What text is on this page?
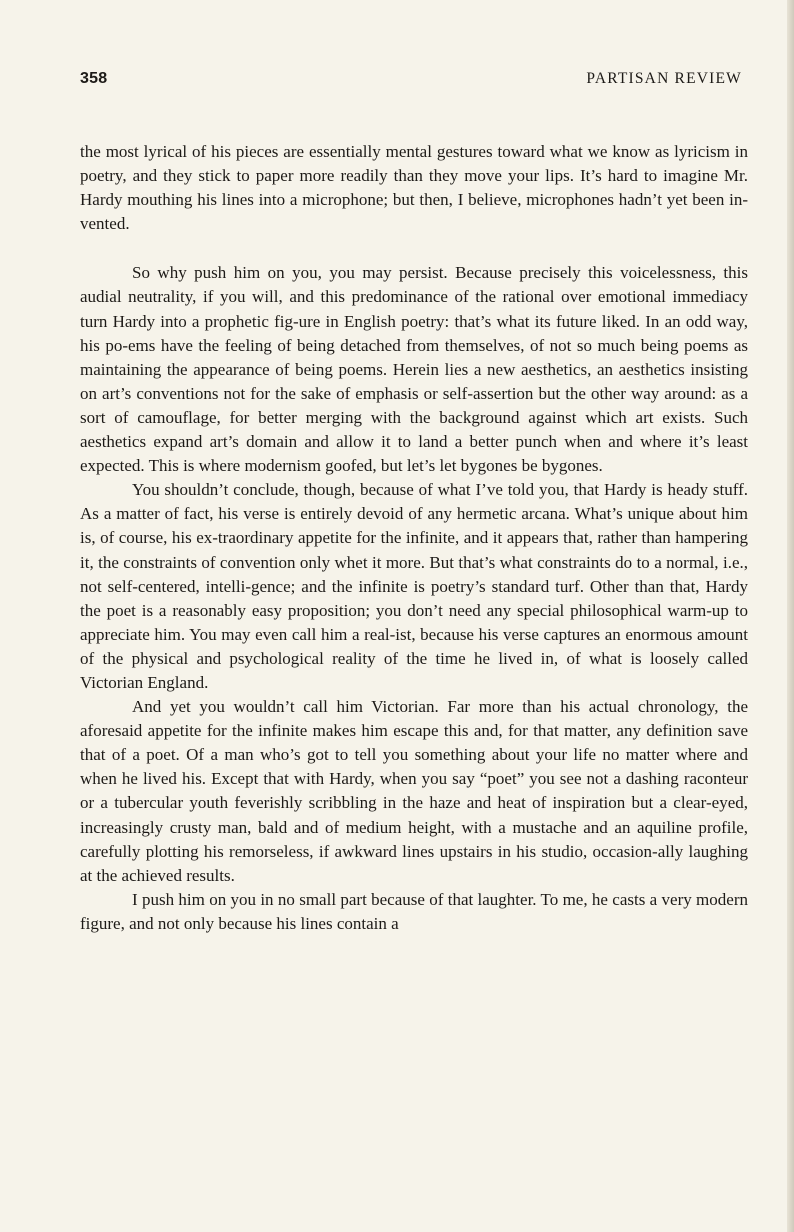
358	PARTISAN REVIEW

the most lyrical of his pieces are essentially mental gestures toward what we know as lyricism in poetry, and they stick to paper more readily than they move your lips. It’s hard to imagine Mr. Hardy mouthing his lines into a microphone; but then, I believe, microphones hadn’t yet been in-vented.

So why push him on you, you may persist. Because precisely this voicelessness, this audial neutrality, if you will, and this predominance of the rational over emotional immediacy turn Hardy into a prophetic fig-ure in English poetry: that’s what its future liked. In an odd way, his po-ems have the feeling of being detached from themselves, of not so much being poems as maintaining the appearance of being poems. Herein lies a new aesthetics, an aesthetics insisting on art’s conventions not for the sake of emphasis or self-assertion but the other way around: as a sort of camouflage, for better merging with the background against which art exists. Such aesthetics expand art’s domain and allow it to land a better punch when and where it’s least expected. This is where modernism goofed, but let’s let bygones be bygones.

You shouldn’t conclude, though, because of what I’ve told you, that Hardy is heady stuff. As a matter of fact, his verse is entirely devoid of any hermetic arcana. What’s unique about him is, of course, his ex-traordinary appetite for the infinite, and it appears that, rather than hampering it, the constraints of convention only whet it more. But that’s what constraints do to a normal, i.e., not self-centered, intelli-gence; and the infinite is poetry’s standard turf. Other than that, Hardy the poet is a reasonably easy proposition; you don’t need any special philosophical warm-up to appreciate him. You may even call him a real-ist, because his verse captures an enormous amount of the physical and psychological reality of the time he lived in, of what is loosely called Victorian England.

And yet you wouldn’t call him Victorian. Far more than his actual chronology, the aforesaid appetite for the infinite makes him escape this and, for that matter, any definition save that of a poet. Of a man who’s got to tell you something about your life no matter where and when he lived his. Except that with Hardy, when you say “poet” you see not a dashing raconteur or a tubercular youth feverishly scribbling in the haze and heat of inspiration but a clear-eyed, increasingly crusty man, bald and of medium height, with a mustache and an aquiline profile, carefully plotting his remorseless, if awkward lines upstairs in his studio, occasion-ally laughing at the achieved results.

I push him on you in no small part because of that laughter. To me, he casts a very modern figure, and not only because his lines contain a
